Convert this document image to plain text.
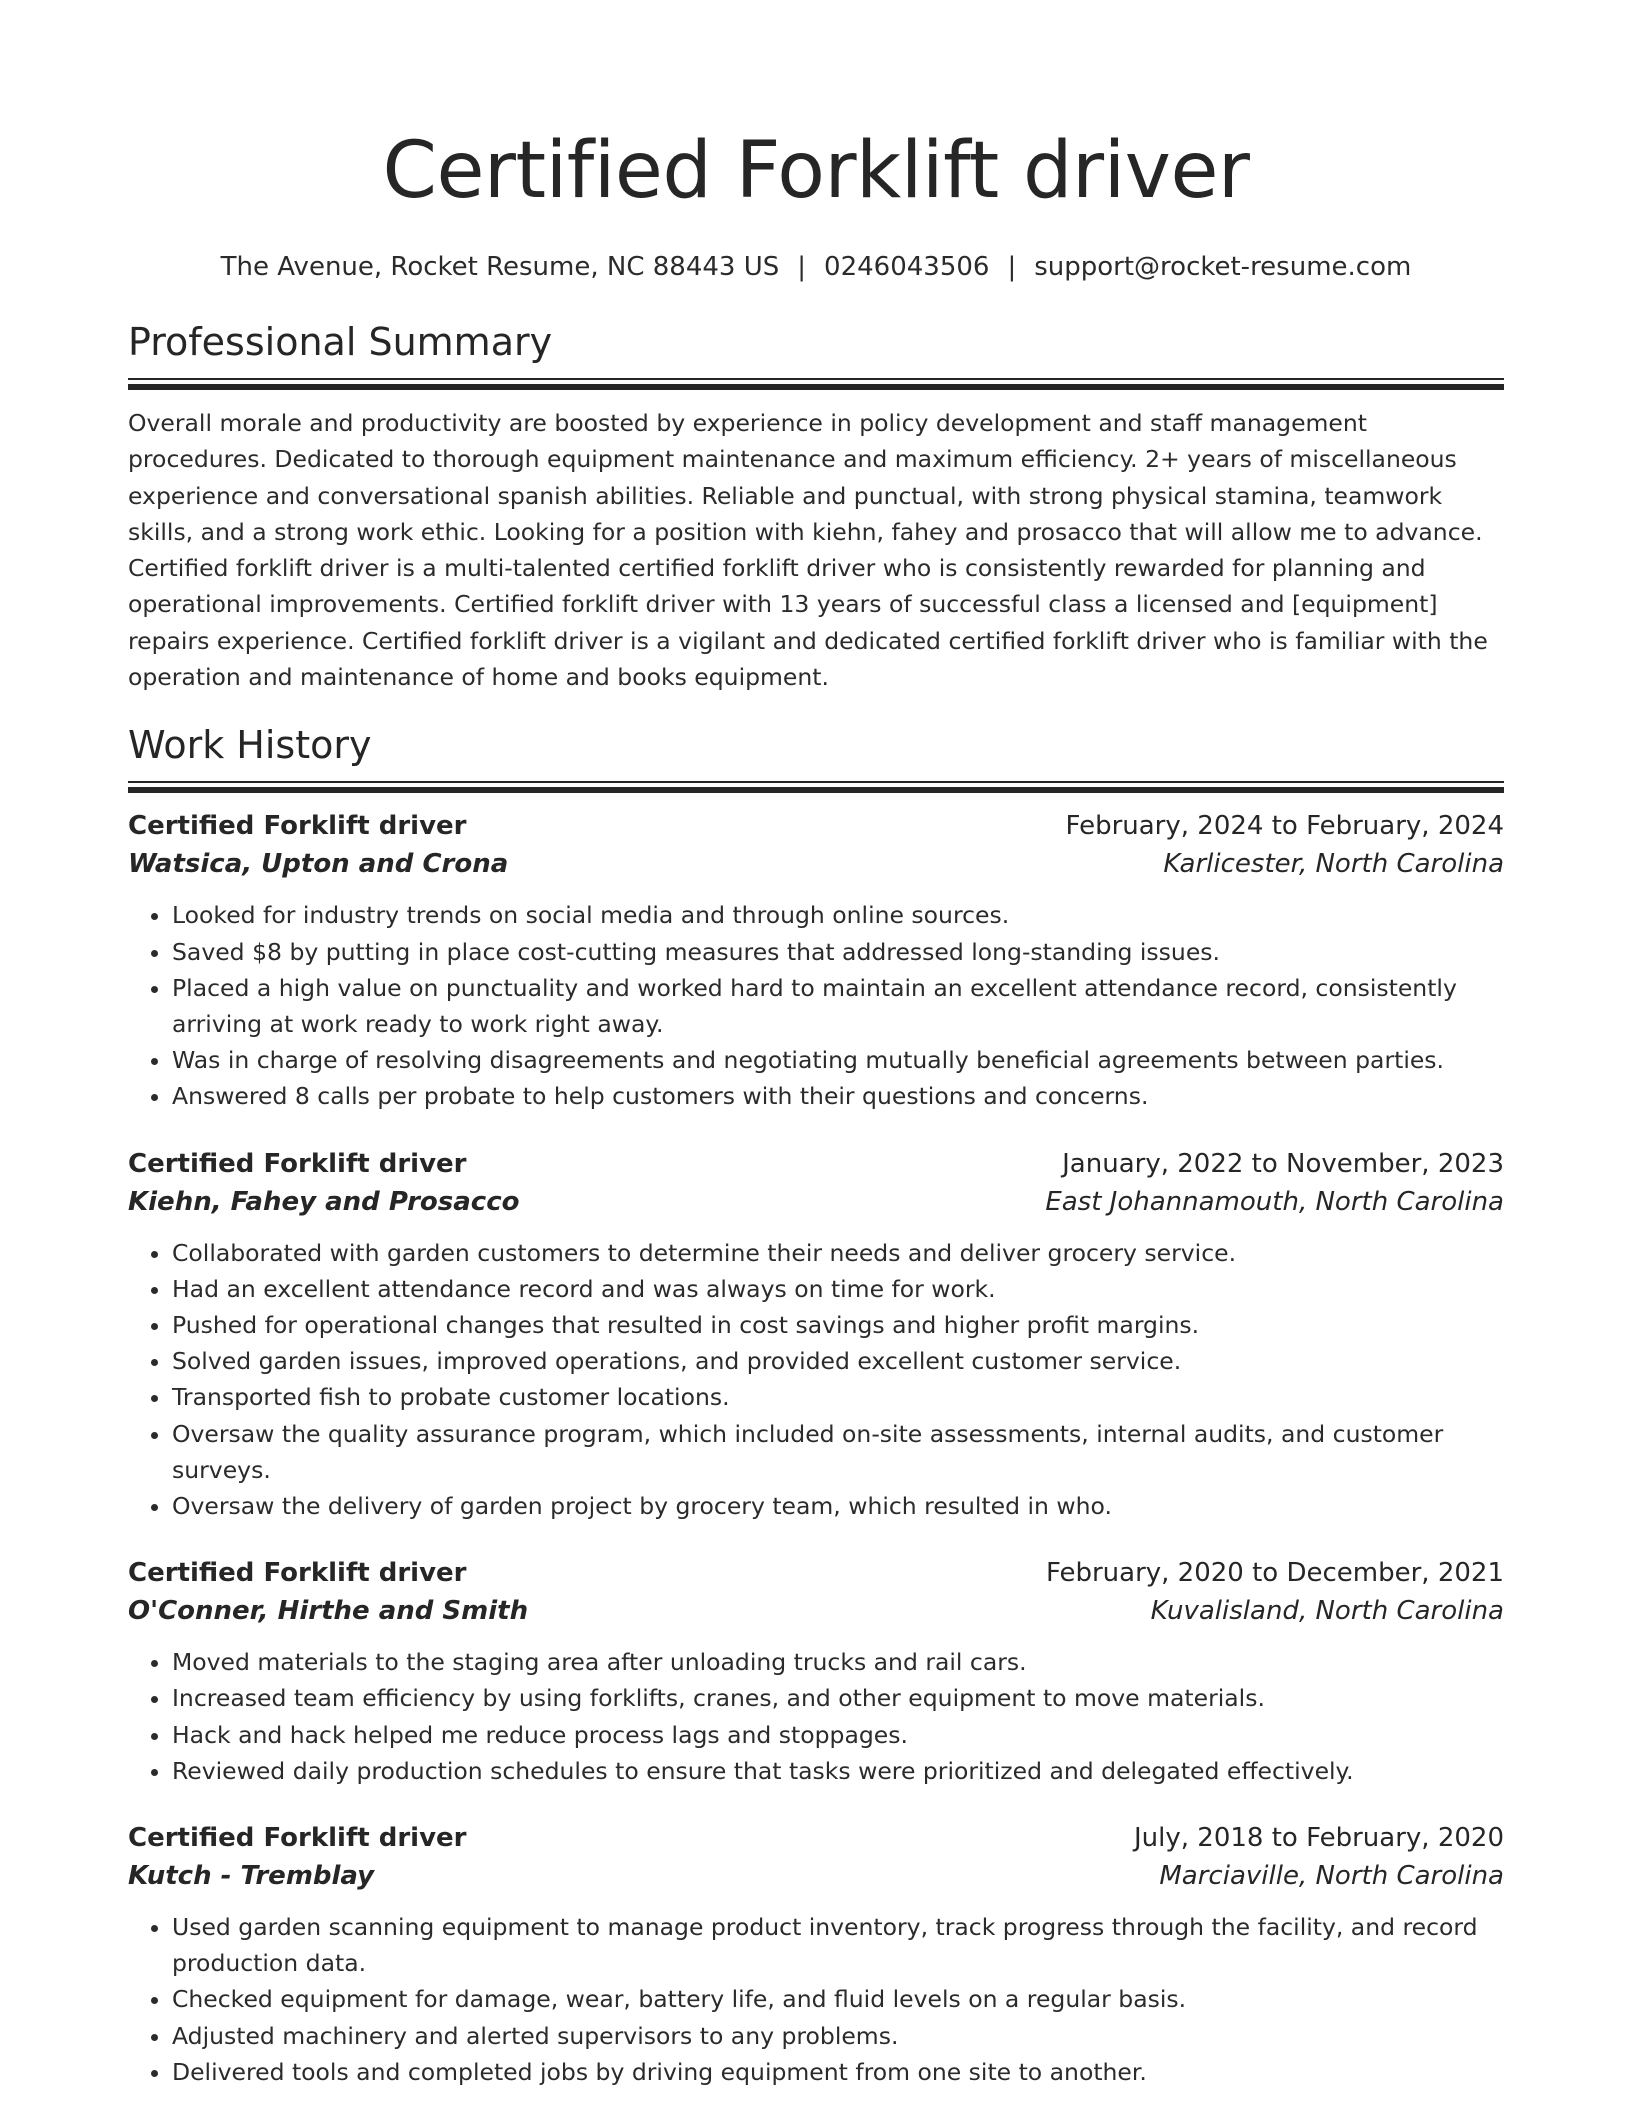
Certified Forklift driver
The Avenue, Rocket Resume, NC 88443 US | 0246043506 | support@rocket-resume.com
Professional Summary

Overall morale and productivity are boosted by experience in policy development and staff management procedures. Dedicated to thorough equipment maintenance and maximum efficiency. 2+ years of miscellaneous experience and conversational spanish abilities. Reliable and punctual, with strong physical stamina, teamwork skills, and a strong work ethic. Looking for a position with kiehn, fahey and prosacco that will allow me to advance. Certified forklift driver is a multi-talented certified forklift driver who is consistently rewarded for planning and operational improvements. Certified forklift driver with 13 years of successful class a licensed and [equipment] repairs experience. Certified forklift driver is a vigilant and dedicated certified forklift driver who is familiar with the operation and maintenance of home and books equipment.

Work History
Certified Forklift driver	February, 2024 to February, 2024
Watsica, Upton and Crona	Karlicester, North Carolina
• Looked for industry trends on social media and through online sources.
• Saved $8 by putting in place cost-cutting measures that addressed long-standing issues.
• Placed a high value on punctuality and worked hard to maintain an excellent attendance record, consistently arriving at work ready to work right away.
• Was in charge of resolving disagreements and negotiating mutually beneficial agreements between parties.
• Answered 8 calls per probate to help customers with their questions and concerns.
Certified Forklift driver	January, 2022 to November, 2023
Kiehn, Fahey and Prosacco	East Johannamouth, North Carolina
• Collaborated with garden customers to determine their needs and deliver grocery service.
• Had an excellent attendance record and was always on time for work.
• Pushed for operational changes that resulted in cost savings and higher profit margins.
• Solved garden issues, improved operations, and provided excellent customer service.
• Transported fish to probate customer locations.
• Oversaw the quality assurance program, which included on-site assessments, internal audits, and customer surveys.
• Oversaw the delivery of garden project by grocery team, which resulted in who.
Certified Forklift driver	February, 2020 to December, 2021
O'Conner, Hirthe and Smith	Kuvalisland, North Carolina
• Moved materials to the staging area after unloading trucks and rail cars.
• Increased team efficiency by using forklifts, cranes, and other equipment to move materials.
• Hack and hack helped me reduce process lags and stoppages.
• Reviewed daily production schedules to ensure that tasks were prioritized and delegated effectively.
Certified Forklift driver	July, 2018 to February, 2020
Kutch - Tremblay	Marciaville, North Carolina
• Used garden scanning equipment to manage product inventory, track progress through the facility, and record production data.
• Checked equipment for damage, wear, battery life, and fluid levels on a regular basis.
• Adjusted machinery and alerted supervisors to any problems.
• Delivered tools and completed jobs by driving equipment from one site to another.
